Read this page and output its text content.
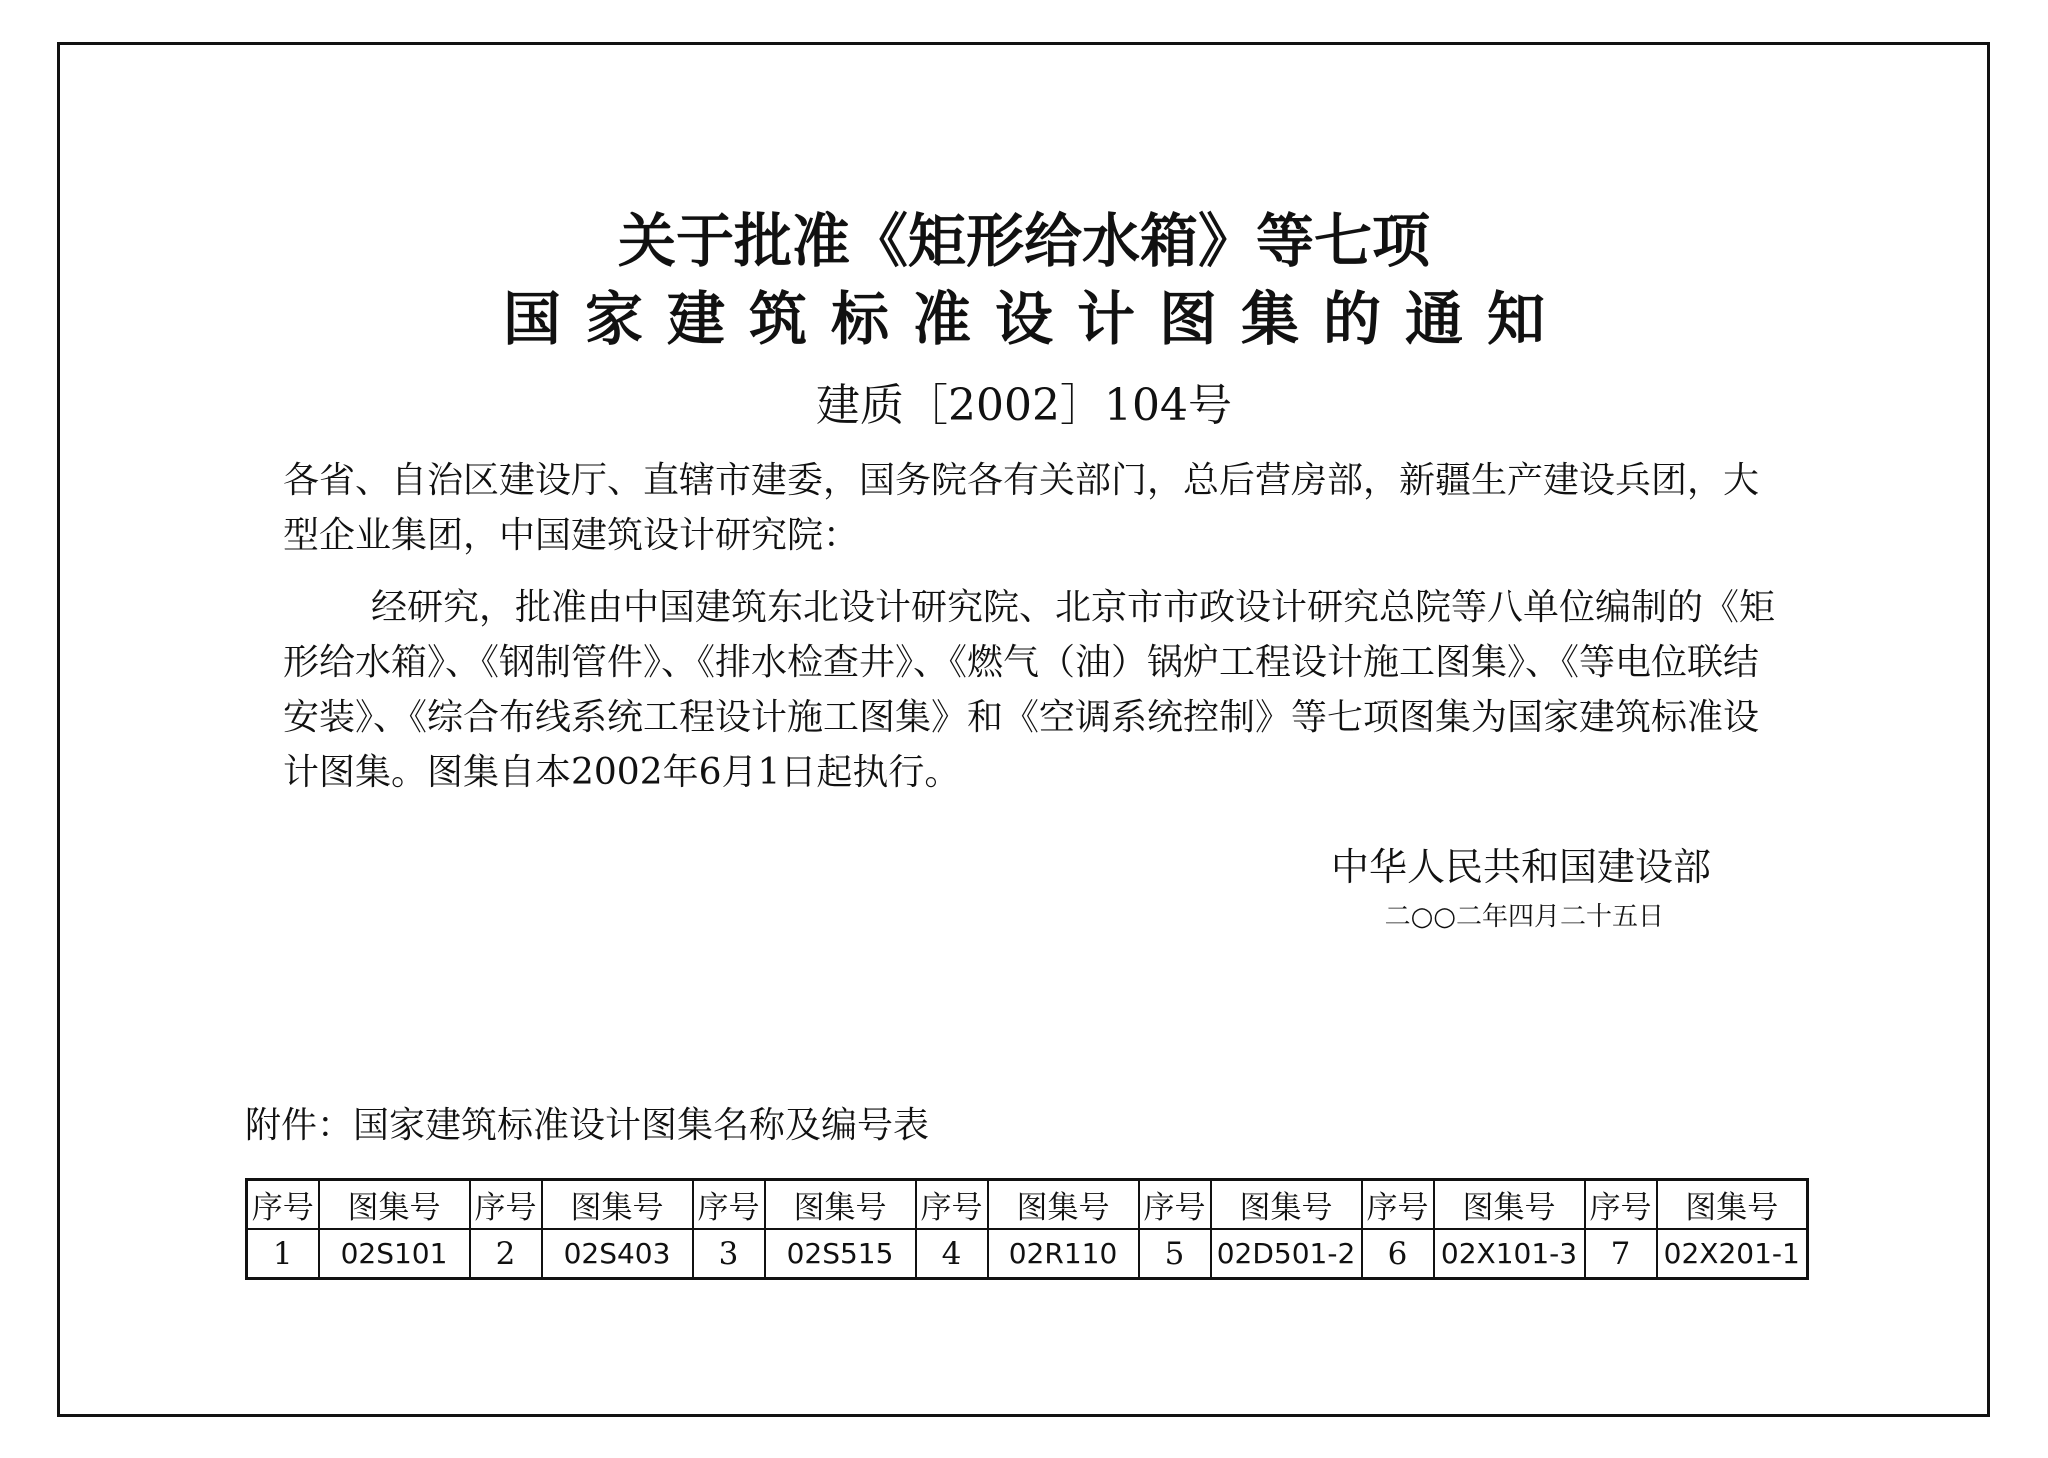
关于批准《矩形给水箱》等七项
国家建筑标准设计图集的通知

建质［2002］104号

各省、自治区建设厅、直辖市建委，国务院各有关部门，总后营房部，新疆生产建设兵团，大型企业集团，中国建筑设计研究院：

经研究，批准由中国建筑东北设计研究院、北京市市政设计研究总院等八单位编制的《矩形给水箱》、《钢制管件》、《排水检查井》、《燃气（油）锅炉工程设计施工图集》、《等电位联结安装》、《综合布线系统工程设计施工图集》和《空调系统控制》等七项图集为国家建筑标准设计图集。图集自本2002年6月1日起执行。

中华人民共和国建设部

二○○二年四月二十五日

附件：国家建筑标准设计图集名称及编号表

序号	图集号	序号	图集号	序号	图集号	序号	图集号	序号	图集号	序号	图集号	序号	图集号
1	02S101	2	02S403	3	02S515	4	02R110	5	02D501-2	6	02X101-3	7	02X201-1
